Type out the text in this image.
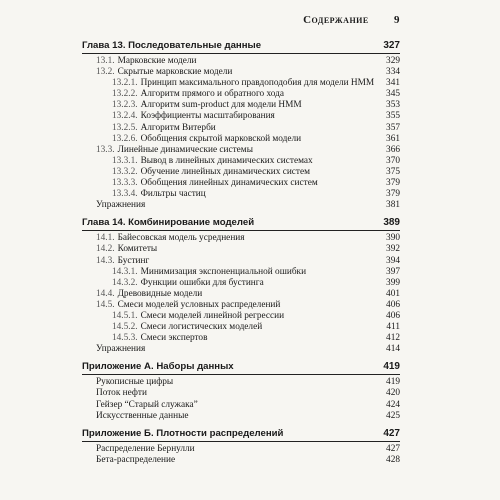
Содержание 9
Глава 13. Последовательные данные	327
13.1. Марковские модели	329
13.2. Скрытые марковские модели	334
13.2.1. Принцип максимального правдоподобия для модели НММ	341
13.2.2. Алгоритм прямого и обратного хода	345
13.2.3. Алгоритм sum-product для модели НММ	353
13.2.4. Коэффициенты масштабирования	355
13.2.5. Алгоритм Витерби	357
13.2.6. Обобщения скрытой марковской модели	361
13.3. Линейные динамические системы	366
13.3.1. Вывод в линейных динамических системах	370
13.3.2. Обучение линейных динамических систем	375
13.3.3. Обобщения линейных динамических систем	379
13.3.4. Фильтры частиц	379
Упражнения	381
Глава 14. Комбинирование моделей	389
14.1. Байесовская модель усреднения	390
14.2. Комитеты	392
14.3. Бустинг	394
14.3.1. Минимизация экспоненциальной ошибки	397
14.3.2. Функции ошибки для бустинга	399
14.4. Древовидные модели	401
14.5. Смеси моделей условных распределений	406
14.5.1. Смеси моделей линейной регрессии	406
14.5.2. Смеси логистических моделей	411
14.5.3. Смеси экспертов	412
Упражнения	414
Приложение А. Наборы данных	419
Рукописные цифры	419
Поток нефти	420
Гейзер “Старый служака”	424
Искусственные данные	425
Приложение Б. Плотности распределений	427
Распределение Бернулли	427
Бета-распределение	428
